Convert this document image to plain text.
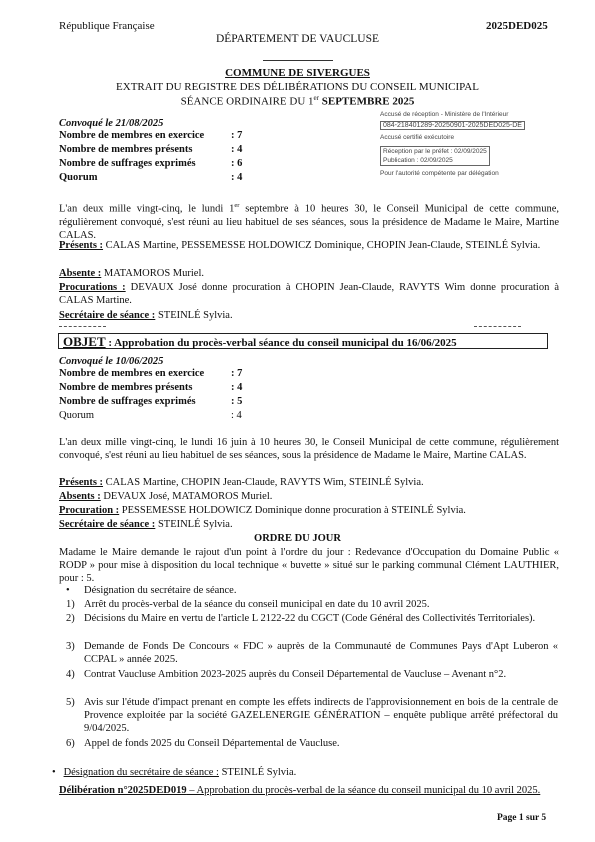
République Française	2025DED025
DÉPARTEMENT DE VAUCLUSE
COMMUNE DE SIVERGUES
EXTRAIT DU REGISTRE DES DÉLIBÉRATIONS DU CONSEIL MUNICIPAL
SÉANCE ORDINAIRE DU 1er SEPTEMBRE 2025
Accusé de réception - Ministère de l'Intérieur
084-218401289-20250901-2025DED025-DE
Accusé certifié exécutoire
Réception par le préfet : 02/09/2025
Publication : 02/09/2025
Pour l'autorité compétente par délégation
Convoqué le 21/08/2025
Nombre de membres en exercice	: 7
Nombre de membres présents	: 4
Nombre de suffrages exprimés	: 6
Quorum	: 4
L'an deux mille vingt-cinq, le lundi 1er septembre à 10 heures 30, le Conseil Municipal de cette commune, régulièrement convoqué, s'est réuni au lieu habituel de ses séances, sous la présidence de Madame le Maire, Martine CALAS.
Présents : CALAS Martine, PESSEMESSE HOLDOWICZ Dominique, CHOPIN Jean-Claude, STEINLÉ Sylvia.
Absente : MATAMOROS Muriel.
Procurations : DEVAUX José donne procuration à CHOPIN Jean-Claude, RAVYTS Wim donne procuration à CALAS Martine.
Secrétaire de séance : STEINLÉ Sylvia.
OBJET : Approbation du procès-verbal séance du conseil municipal du 16/06/2025
Convoqué le 10/06/2025
Nombre de membres en exercice	: 7
Nombre de membres présents	: 4
Nombre de suffrages exprimés	: 5
Quorum	: 4
L'an deux mille vingt-cinq, le lundi 16 juin à 10 heures 30, le Conseil Municipal de cette commune, régulièrement convoqué, s'est réuni au lieu habituel de ses séances, sous la présidence de Madame le Maire, Martine CALAS.
Présents : CALAS Martine, CHOPIN Jean-Claude, RAVYTS Wim, STEINLÉ Sylvia.
Absents : DEVAUX José, MATAMOROS Muriel.
Procuration : PESSEMESSE HOLDOWICZ Dominique donne procuration à STEINLÉ Sylvia.
Secrétaire de séance : STEINLÉ Sylvia.
ORDRE DU JOUR
Madame le Maire demande le rajout d'un point à l'ordre du jour : Redevance d'Occupation du Domaine Public « RODP » pour mise à disposition du local technique « buvette » situé sur le parking communal Clément LAUTHIER, pour : 5.
• Désignation du secrétaire de séance.
1) Arrêt du procès-verbal de la séance du conseil municipal en date du 10 avril 2025.
2) Décisions du Maire en vertu de l'article L 2122-22 du CGCT (Code Général des Collectivités Territoriales).
3) Demande de Fonds De Concours « FDC » auprès de la Communauté de Communes Pays d'Apt Luberon « CCPAL » année 2025.
4) Contrat Vaucluse Ambition 2023-2025 auprès du Conseil Départemental de Vaucluse – Avenant n°2.
5) Avis sur l'étude d'impact prenant en compte les effets indirects de l'approvisionnement en bois de la centrale de Provence exploitée par la société GAZELENERGIE GÉNÉRATION – enquête publique arrêté préfectoral du 9/04/2025.
6) Appel de fonds 2025 du Conseil Départemental de Vaucluse.
•   Désignation du secrétaire de séance : STEINLÉ Sylvia.
Délibération n°2025DED019 – Approbation du procès-verbal de la séance du conseil municipal du 10 avril 2025.
Page 1 sur 5
